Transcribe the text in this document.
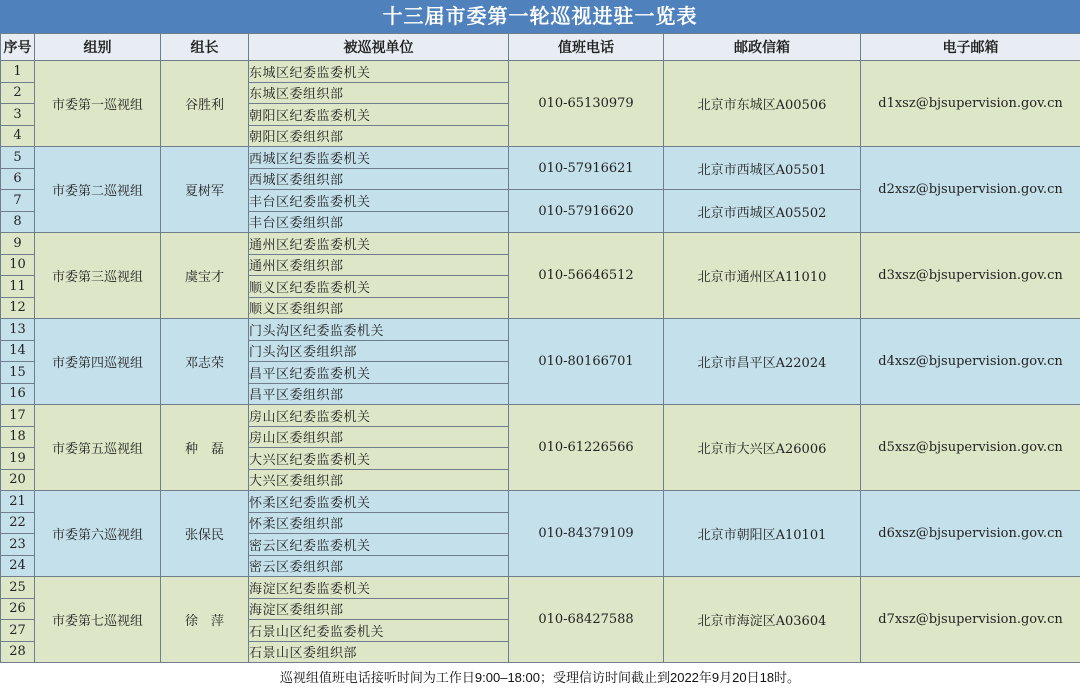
十三届市委第一轮巡视进驻一览表
序号	组别	组长	被巡视单位	值班电话	邮政信箱	电子邮箱
1	市委第一巡视组	谷胜利	东城区纪委监委机关	010-65130979	北京市东城区A00506	d1xsz@bjsupervision.gov.cn
2			东城区委组织部			
3			朝阳区纪委监委机关			
4			朝阳区委组织部			
5	市委第二巡视组	夏树军	西城区纪委监委机关	010-57916621	北京市西城区A05501	d2xsz@bjsupervision.gov.cn
6			西城区委组织部			
7			丰台区纪委监委机关	010-57916620	北京市西城区A05502	
8			丰台区委组织部			
9	市委第三巡视组	虞宝才	通州区纪委监委机关	010-56646512	北京市通州区A11010	d3xsz@bjsupervision.gov.cn
10			通州区委组织部			
11			顺义区纪委监委机关			
12			顺义区委组织部			
13	市委第四巡视组	邓志荣	门头沟区纪委监委机关	010-80166701	北京市昌平区A22024	d4xsz@bjsupervision.gov.cn
14			门头沟区委组织部			
15			昌平区纪委监委机关			
16			昌平区委组织部			
17	市委第五巡视组	种　磊	房山区纪委监委机关	010-61226566	北京市大兴区A26006	d5xsz@bjsupervision.gov.cn
18			房山区委组织部			
19			大兴区纪委监委机关			
20			大兴区委组织部			
21	市委第六巡视组	张保民	怀柔区纪委监委机关	010-84379109	北京市朝阳区A10101	d6xsz@bjsupervision.gov.cn
22			怀柔区委组织部			
23			密云区纪委监委机关			
24			密云区委组织部			
25	市委第七巡视组	徐　萍	海淀区纪委监委机关	010-68427588	北京市海淀区A03604	d7xsz@bjsupervision.gov.cn
26			海淀区委组织部			
27			石景山区纪委监委机关			
28			石景山区委组织部			
巡视组值班电话接听时间为工作日9:00–18:00；受理信访时间截止到2022年9月20日18时。
